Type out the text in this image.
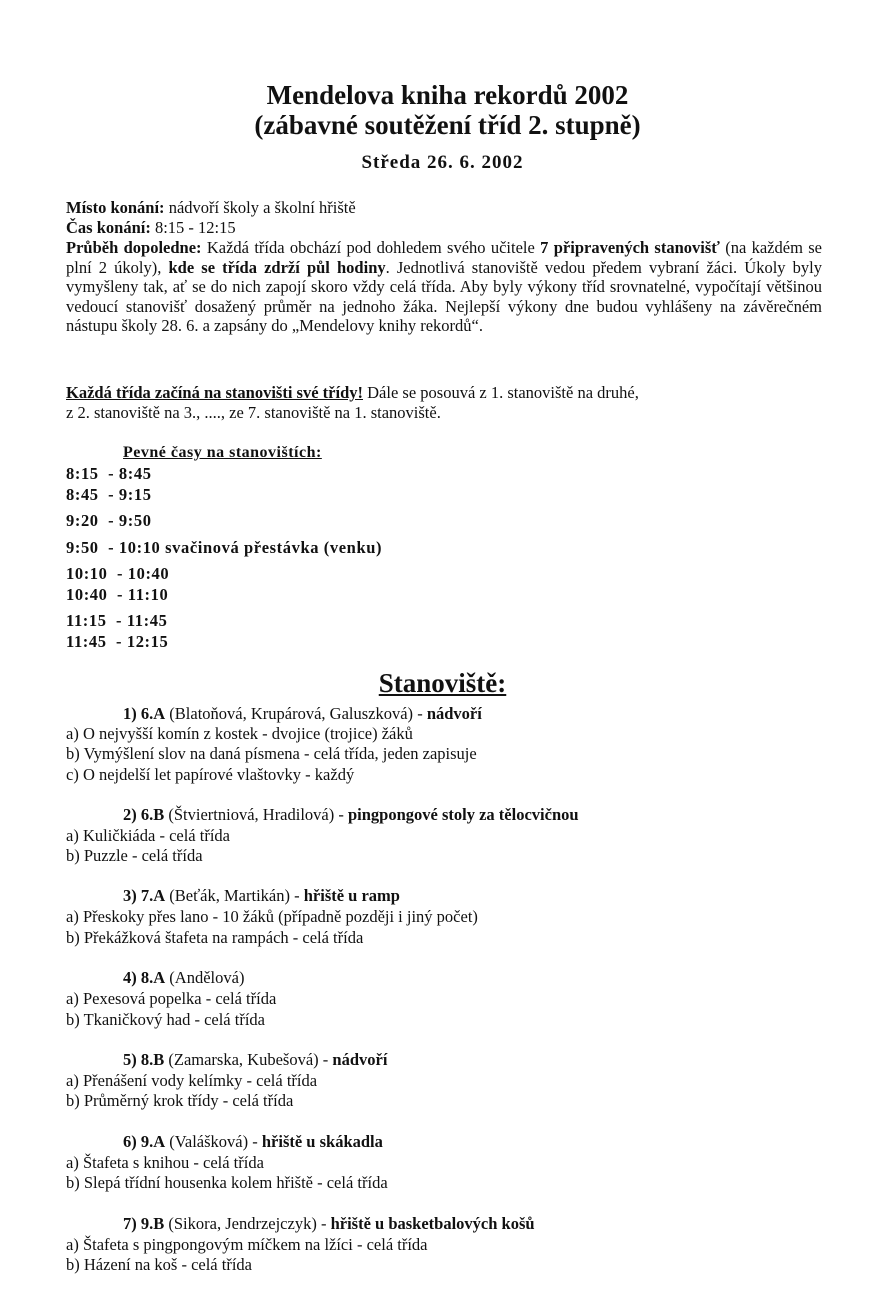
Mendelova kniha rekordů 2002
(zábavné soutěžení tříd 2. stupně)
Středa 26. 6. 2002
Místo konání: nádvoří školy a školní hřiště
Čas konání: 8:15 - 12:15
Průběh dopoledne: Každá třída obchází pod dohledem svého učitele 7 připravených stanovišť (na každém se plní 2 úkoly), kde se třída zdrží půl hodiny. Jednotlivá stanoviště vedou předem vybraní žáci. Úkoly byly vymyšleny tak, ať se do nich zapojí skoro vždy celá třída. Aby byly výkony tříd srovnatelné, vypočítají většinou vedoucí stanovišť dosažený průměr na jednoho žáka. Nejlepší výkony dne budou vyhlášeny na závěrečném nástupu školy 28. 6. a zapsány do „Mendelovy knihy rekordů“.
Každá třída začíná na stanovišti své třídy! Dále se posouvá z 1. stanoviště na druhé,
z 2. stanoviště na 3., ...., ze 7. stanoviště na 1. stanoviště.
Pevné časy na stanovištích:
8:15  - 8:45
8:45  - 9:15
9:20  - 9:50
9:50  - 10:10 svačinová přestávka (venku)
10:10  - 10:40
10:40  - 11:10
11:15  - 11:45
11:45  - 12:15
Stanoviště:
1) 6.A (Blatoňová, Krupárová, Galuszková) - nádvoří
a) O nejvyšší komín z kostek - dvojice (trojice) žáků
b) Vymýšlení slov na daná písmena - celá třída, jeden zapisuje
c) O nejdelší let papírové vlaštovky - každý
2) 6.B (Štviertniová, Hradilová) - pingpongové stoly za tělocvičnou
a) Kuličkiáda - celá třída
b) Puzzle - celá třída
3) 7.A (Beťák, Martikán) - hřiště u ramp
a) Přeskoky přes lano - 10 žáků (případně později i jiný počet)
b) Překážková štafeta na rampách - celá třída
4) 8.A (Andělová)
a) Pexesová popelka - celá třída
b) Tkaničkový had - celá třída
5) 8.B (Zamarska, Kubešová) - nádvoří
a) Přenášení vody kelímky - celá třída
b) Průměrný krok třídy - celá třída
6) 9.A (Valášková) - hřiště u skákadla
a) Štafeta s knihou - celá třída
b) Slepá třídní housenka kolem hřiště - celá třída
7) 9.B (Sikora, Jendrzejczyk) - hřiště u basketbalových košů
a) Štafeta s pingpongovým míčkem na lžíci - celá třída
b) Házení na koš - celá třída
